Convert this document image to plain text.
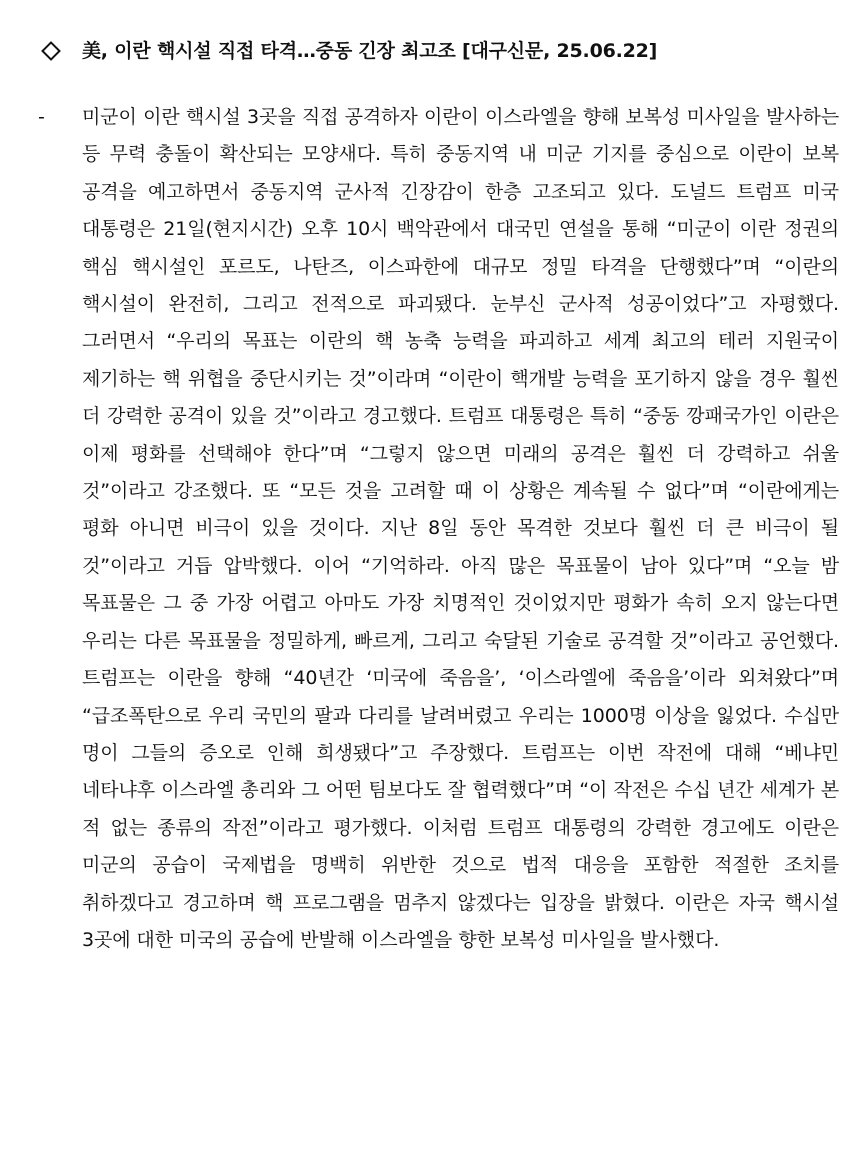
美, 이란 핵시설 직접 타격…중동 긴장 최고조 [대구신문, 25.06.22]
-	미군이 이란 핵시설 3곳을 직접 공격하자 이란이 이스라엘을 향해 보복성 미사일을 발사하는 등 무력 충돌이 확산되는 모양새다. 특히 중동지역 내 미군 기지를 중심으로 이란이 보복 공격을 예고하면서 중동지역 군사적 긴장감이 한층 고조되고 있다. 도널드 트럼프 미국 대통령은 21일(현지시간) 오후 10시 백악관에서 대국민 연설을 통해 “미군이 이란 정권의 핵심 핵시설인 포르도, 나탄즈, 이스파한에 대규모 정밀 타격을 단행했다”며 “이란의 핵시설이 완전히, 그리고 전적으로 파괴됐다. 눈부신 군사적 성공이었다”고 자평했다. 그러면서 “우리의 목표는 이란의 핵 농축 능력을 파괴하고 세계 최고의 테러 지원국이 제기하는 핵 위협을 중단시키는 것”이라며 “이란이 핵개발 능력을 포기하지 않을 경우 훨씬 더 강력한 공격이 있을 것”이라고 경고했다. 트럼프 대통령은 특히 “중동 깡패국가인 이란은 이제 평화를 선택해야 한다”며 “그렇지 않으면 미래의 공격은 훨씬 더 강력하고 쉬울 것”이라고 강조했다. 또 “모든 것을 고려할 때 이 상황은 계속될 수 없다”며 “이란에게는 평화 아니면 비극이 있을 것이다. 지난 8일 동안 목격한 것보다 훨씬 더 큰 비극이 될 것”이라고 거듭 압박했다. 이어 “기억하라. 아직 많은 목표물이 남아 있다”며 “오늘 밤 목표물은 그 중 가장 어렵고 아마도 가장 치명적인 것이었지만 평화가 속히 오지 않는다면 우리는 다른 목표물을 정밀하게, 빠르게, 그리고 숙달된 기술로 공격할 것”이라고 공언했다. 트럼프는 이란을 향해 “40년간 ‘미국에 죽음을’, ‘이스라엘에 죽음을’이라 외쳐왔다”며 “급조폭탄으로 우리 국민의 팔과 다리를 날려버렸고 우리는 1000명 이상을 잃었다. 수십만 명이 그들의 증오로 인해 희생됐다”고 주장했다. 트럼프는 이번 작전에 대해 “베냐민 네타냐후 이스라엘 총리와 그 어떤 팀보다도 잘 협력했다”며 “이 작전은 수십 년간 세계가 본 적 없는 종류의 작전”이라고 평가했다. 이처럼 트럼프 대통령의 강력한 경고에도 이란은 미군의 공습이 국제법을 명백히 위반한 것으로 법적 대응을 포함한 적절한 조치를 취하겠다고 경고하며 핵 프로그램을 멈추지 않겠다는 입장을 밝혔다. 이란은 자국 핵시설 3곳에 대한 미국의 공습에 반발해 이스라엘을 향한 보복성 미사일을 발사했다.
